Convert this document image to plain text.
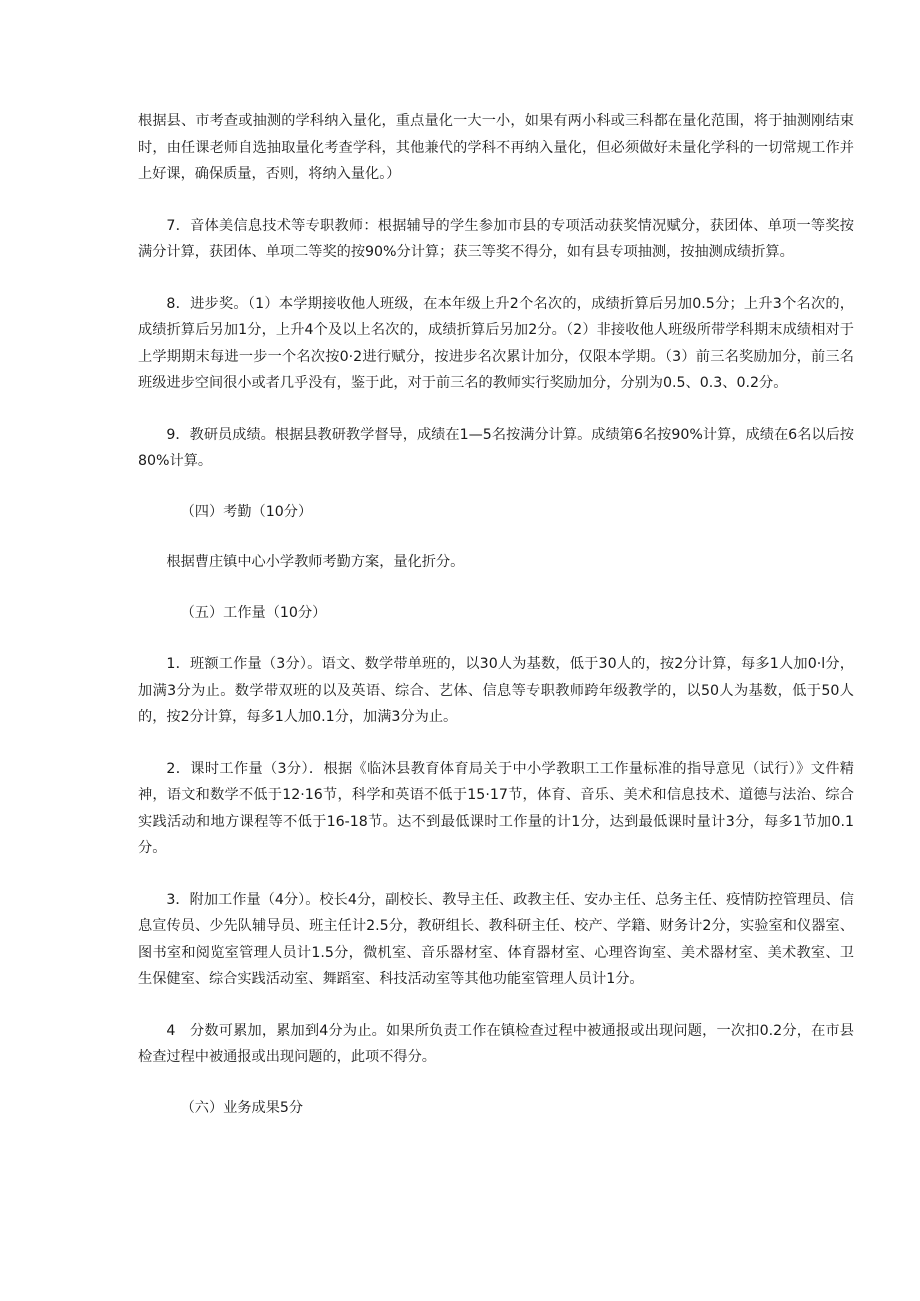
根据县、市考查或抽测的学科纳入量化，重点量化一大一小，如果有两小科或三科都在量化范围，将于抽测刚结束时，由任课老师自选抽取量化考查学科，其他兼代的学科不再纳入量化，但必须做好未量化学科的一切常规工作并上好课，确保质量，否则，将纳入量化。）

7．音体美信息技术等专职教师：根据辅导的学生参加市县的专项活动获奖情况赋分，获团体、单项一等奖按满分计算，获团体、单项二等奖的按90%分计算；获三等奖不得分，如有县专项抽测，按抽测成绩折算。

8．进步奖。（1）本学期接收他人班级，在本年级上升2个名次的，成绩折算后另加0.5分；上升3个名次的，成绩折算后另加1分，上升4个及以上名次的，成绩折算后另加2分。（2）非接收他人班级所带学科期末成绩相对于上学期期末每进一步一个名次按0·2进行赋分，按进步名次累计加分，仅限本学期。（3）前三名奖励加分，前三名班级进步空间很小或者几乎没有，鉴于此，对于前三名的教师实行奖励加分，分别为0.5、0.3、0.2分。

9．教研员成绩。根据县教研教学督导，成绩在1—5名按满分计算。成绩第6名按90%计算，成绩在6名以后按80%计算。

（四）考勤（10分）

根据曹庄镇中心小学教师考勤方案，量化折分。

（五）工作量（10分）

1．班额工作量（3分）。语文、数学带单班的，以30人为基数，低于30人的，按2分计算，每多1人加0·l分，加满3分为止。数学带双班的以及英语、综合、艺体、信息等专职教师跨年级教学的，以50人为基数，低于50人的，按2分计算，每多1人加0.1分，加满3分为止。

2．课时工作量（3分）．根据《临沐县教育体育局关于中小学教职工工作量标准的指导意见（试行）》文件精神，语文和数学不低于12·16节，科学和英语不低于15·17节，体育、音乐、美术和信息技术、道德与法治、综合实践活动和地方课程等不低于16-18节。达不到最低课时工作量的计1分，达到最低课时量计3分，每多1节加0.1分。

3．附加工作量（4分）。校长4分，副校长、教导主任、政教主任、安办主任、总务主任、疫情防控管理员、信息宣传员、少先队辅导员、班主任计2.5分，教研组长、教科研主任、校产、学籍、财务计2分，实验室和仪器室、图书室和阅览室管理人员计1.5分，微机室、音乐器材室、体育器材室、心理咨询室、美术器材室、美术教室、卫生保健室、综合实践活动室、舞蹈室、科技活动室等其他功能室管理人员计1分。

4　分数可累加，累加到4分为止。如果所负责工作在镇检查过程中被通报或出现问题，一次扣0.2分，在市县检查过程中被通报或出现问题的，此项不得分。

（六）业务成果5分
